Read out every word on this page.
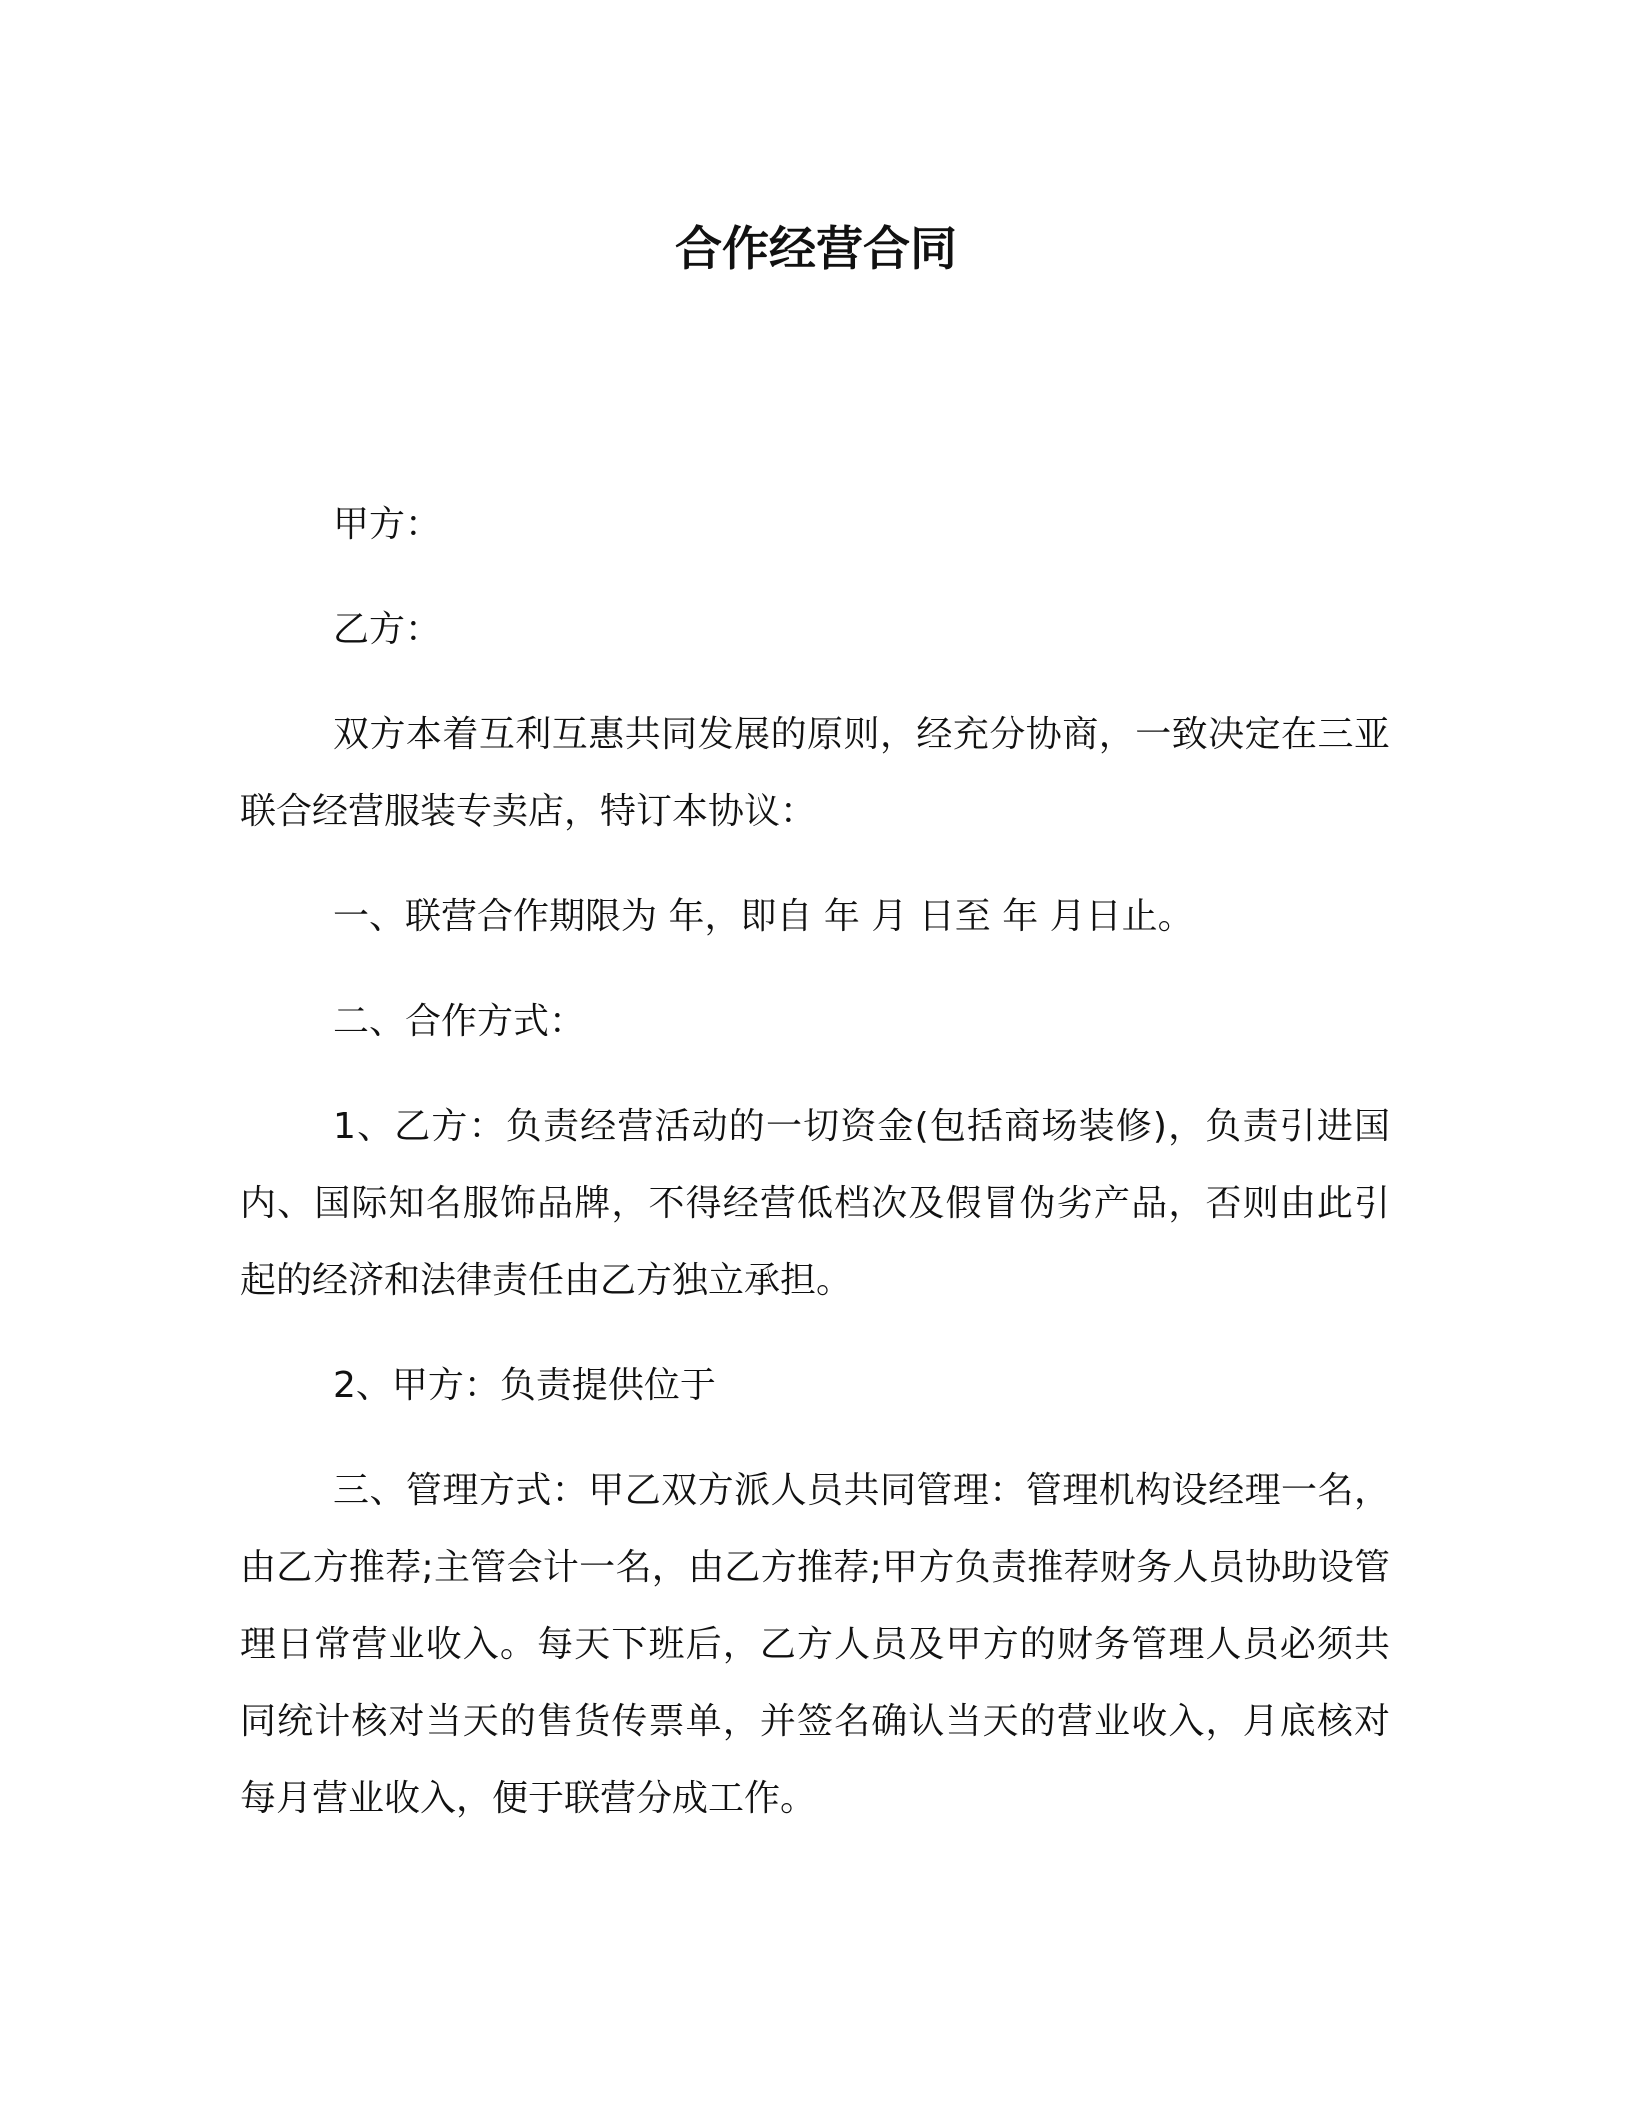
合作经营合同

甲方：

乙方：

双方本着互利互惠共同发展的原则，经充分协商，一致决定在三亚联合经营服装专卖店，特订本协议：

一、联营合作期限为 年，即自 年 月 日至 年 月日止。

二、合作方式：

1、乙方：负责经营活动的一切资金(包括商场装修)，负责引进国内、国际知名服饰品牌，不得经营低档次及假冒伪劣产品，否则由此引起的经济和法律责任由乙方独立承担。

2、甲方：负责提供位于

三、管理方式：甲乙双方派人员共同管理：管理机构设经理一名，由乙方推荐;主管会计一名，由乙方推荐;甲方负责推荐财务人员协助设管理日常营业收入。每天下班后，乙方人员及甲方的财务管理人员必须共同统计核对当天的售货传票单，并签名确认当天的营业收入，月底核对每月营业收入，便于联营分成工作。
